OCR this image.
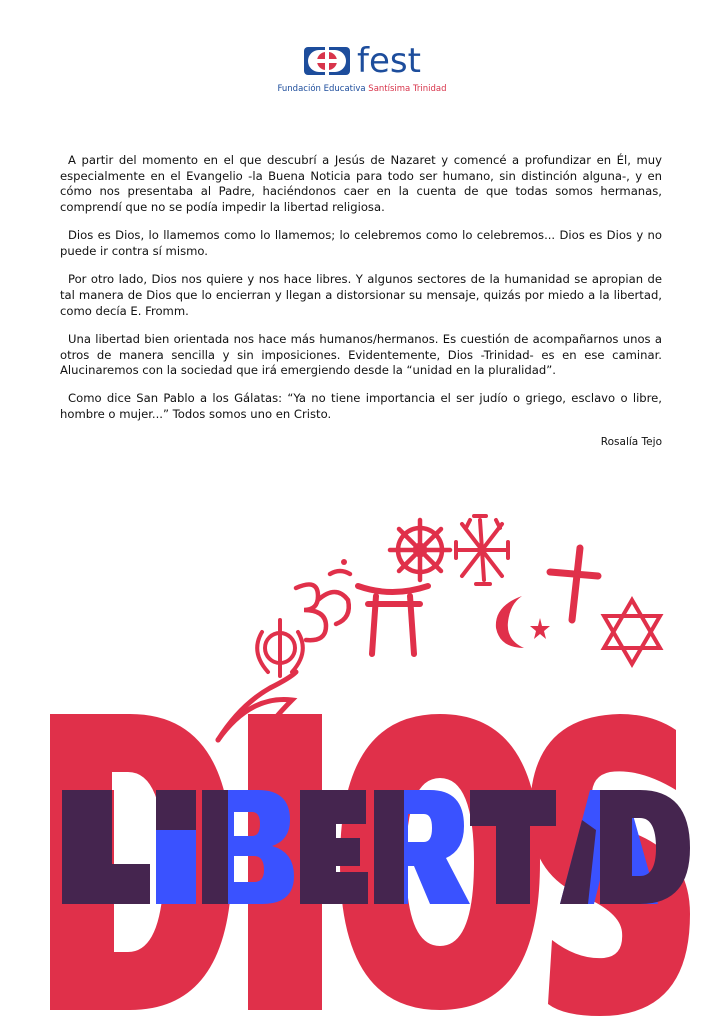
fest
Fundación Educativa Santísima Trinidad

A partir del momento en el que descubrí a Jesús de Nazaret y comencé a profundizar en Él, muy especialmente en el Evangelio -la Buena Noticia para todo ser humano, sin distinción alguna-, y en cómo nos presentaba al Padre, haciéndonos caer en la cuenta de que todas somos hermanas, comprendí que no se podía impedir la libertad religiosa.

Dios es Dios, lo llamemos como lo llamemos; lo celebremos como lo celebremos... Dios es Dios y no puede ir contra sí mismo.

Por otro lado, Dios nos quiere y nos hace libres. Y algunos sectores de la humanidad se apropian de tal manera de Dios que lo encierran y llegan a distorsionar su mensaje, quizás por miedo a la libertad, como decía E. Fromm.

Una libertad bien orientada nos hace más humanos/hermanos. Es cuestión de acompañarnos unos a otros de manera sencilla y sin imposiciones. Evidentemente, Dios -Trinidad- es en ese caminar. Alucinaremos con la sociedad que irá emergiendo desde la “unidad en la pluralidad”.

Como dice San Pablo a los Gálatas: “Ya no tiene importancia el ser judío o griego, esclavo o libre, hombre o mujer...” Todos somos uno en Cristo.

Rosalía Tejo
